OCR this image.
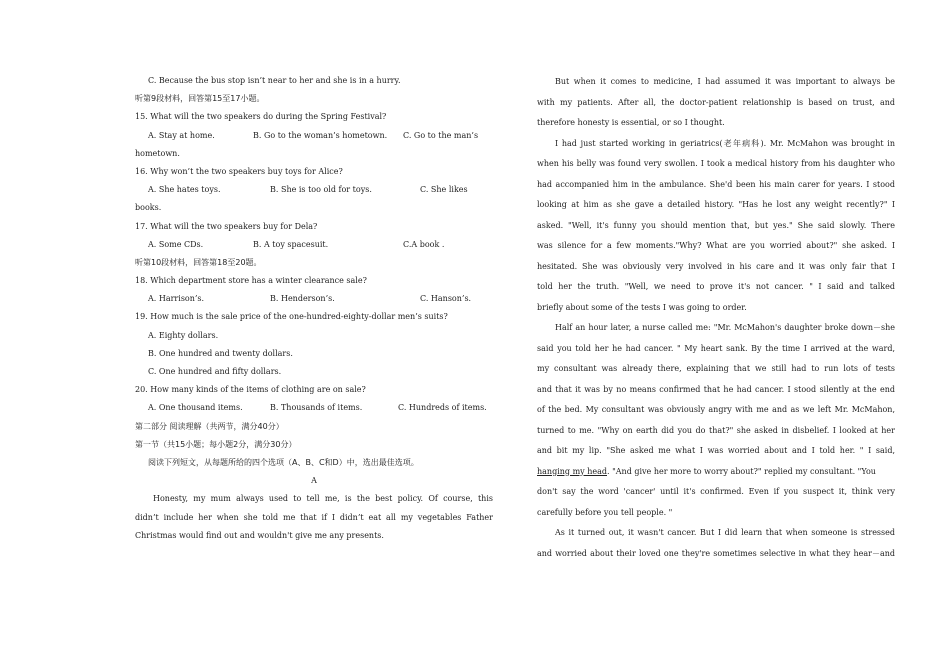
C. Because the bus stop isn’t near to her and she is in a hurry.
听第9段材料，回答第15至17小题。
15. What will the two speakers do during the Spring Festival?
A. Stay at home.	B. Go to the woman’s hometown. C. Go to the man’s
hometown.
16. Why won’t the two speakers buy toys for Alice?
A. She hates toys.	B. She is too old for toys.	C. She likes
books.
17. What will the two speakers buy for Dela?
A. Some CDs.	B. A toy spacesuit.	C.A book .
听第10段材料，回答第18至20题。
18. Which department store has a winter clearance sale?
A. Harrison’s.	B. Henderson’s.	C. Hanson’s.
19. How much is the sale price of the one-hundred-eighty-dollar men’s suits?
A. Eighty dollars.
B. One hundred and twenty dollars.
C. One hundred and fifty dollars.
20. How many kinds of the items of clothing are on sale?
A. One thousand items.	B. Thousands of items.	C. Hundreds of items.
第二部分 阅读理解（共两节，满分40分）
第一节（共15小题；每小题2分，满分30分）
阅读下列短文，从每题所给的四个选项（A、B、C和D）中，选出最佳选项。
A
Honesty, my mum always used to tell me, is the best policy. Of course, this
didn’t include her when she told me that if I didn’t eat all my vegetables Father
Christmas would find out and wouldn't give me any presents.
But when it comes to medicine, I had assumed it was important to always be
with my patients. After all, the doctor-patient relationship is based on trust, and
therefore honesty is essential, or so I thought.
I had just started working in geriatrics(老年病科). Mr. McMahon was brought in
when his belly was found very swollen. I took a medical history from his daughter who
had accompanied him in the ambulance. She'd been his main carer for years. I stood
looking at him as she gave a detailed history. "Has he lost any weight recently?" I
asked. "Well, it's funny you should mention that, but yes." She said slowly. There
was silence for a few moments."Why? What are you worried about?" she asked. I
hesitated. She was obviously very involved in his care and it was only fair that I
told her the truth. "Well, we need to prove it's not cancer. " I said and talked
briefly about some of the tests I was going to order.
Half an hour later, a nurse called me: "Mr. McMahon's daughter broke down－she
said you told her he had cancer. " My heart sank. By the time I arrived at the ward,
my consultant was already there, explaining that we still had to run lots of tests
and that it was by no means confirmed that he had cancer. I stood silently at the end
of the bed. My consultant was obviously angry with me and as we left Mr. McMahon,
turned to me. "Why on earth did you do that?" she asked in disbelief. I looked at her
and bit my lip. "She asked me what I was worried about and I told her. " I said,
hanging my head. "And give her more to worry about?" replied my consultant. "You
don't say the word 'cancer' until it's confirmed. Even if you suspect it, think very
carefully before you tell people. "
As it turned out, it wasn't cancer. But I did learn that when someone is stressed
and worried about their loved one they're sometimes selective in what they hear－and
